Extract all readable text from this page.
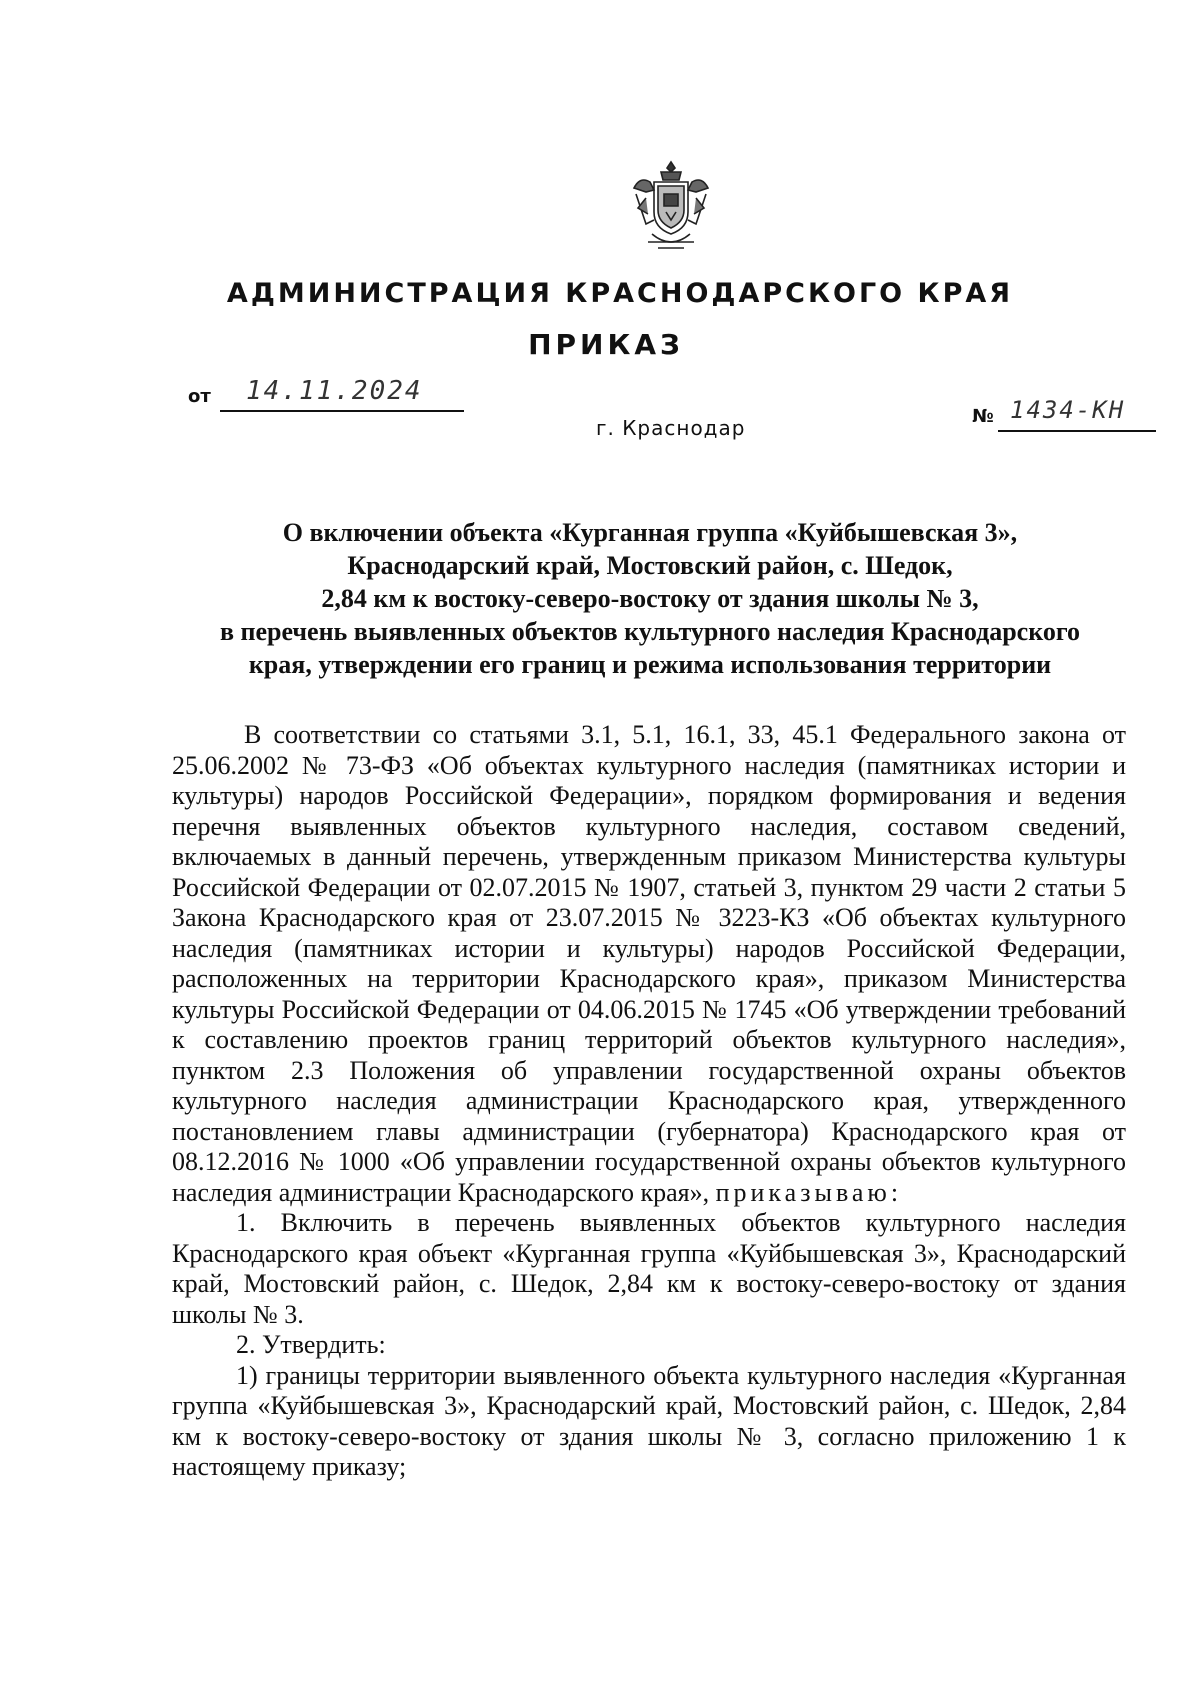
АДМИНИСТРАЦИЯ КРАСНОДАРСКОГО КРАЯ
ПРИКАЗ
от 14.11.2024
г. Краснодар	№ 1434-КН
О включении объекта «Курганная группа «Куйбышевская 3»,
Краснодарский край, Мостовский район, с. Шедок,
2,84 км к востоку-северо-востоку от здания школы № 3,
в перечень выявленных объектов культурного наследия Краснодарского
края, утверждении его границ и режима использования территории

В соответствии со статьями 3.1, 5.1, 16.1, 33, 45.1 Федерального закона от 25.06.2002 № 73-ФЗ «Об объектах культурного наследия (памятниках истории и культуры) народов Российской Федерации», порядком формирования и ведения перечня выявленных объектов культурного наследия, составом сведений, включаемых в данный перечень, утвержденным приказом Министерства культуры Российской Федерации от 02.07.2015 № 1907, статьей 3, пунктом 29 части 2 статьи 5 Закона Краснодарского края от 23.07.2015 № 3223-КЗ «Об объектах культурного наследия (памятниках истории и культуры) народов Российской Федерации, расположенных на территории Краснодарского края», приказом Министерства культуры Российской Федерации от 04.06.2015 № 1745 «Об утверждении требований к составлению проектов границ территорий объектов культурного наследия», пунктом 2.3 Положения об управлении государственной охраны объектов культурного наследия администрации Краснодарского края, утвержденного постановлением главы администрации (губернатора) Краснодарского края от 08.12.2016 № 1000 «Об управлении государственной охраны объектов культурного наследия администрации Краснодарского края», приказываю:

1. Включить в перечень выявленных объектов культурного наследия Краснодарского края объект «Курганная группа «Куйбышевская 3», Краснодарский край, Мостовский район, с. Шедок, 2,84 км к востоку-северо-востоку от здания школы № 3.

2. Утвердить:

1) границы территории выявленного объекта культурного наследия «Курганная группа «Куйбышевская 3», Краснодарский край, Мостовский район, с. Шедок, 2,84 км к востоку-северо-востоку от здания школы № 3, согласно приложению 1 к настоящему приказу;
